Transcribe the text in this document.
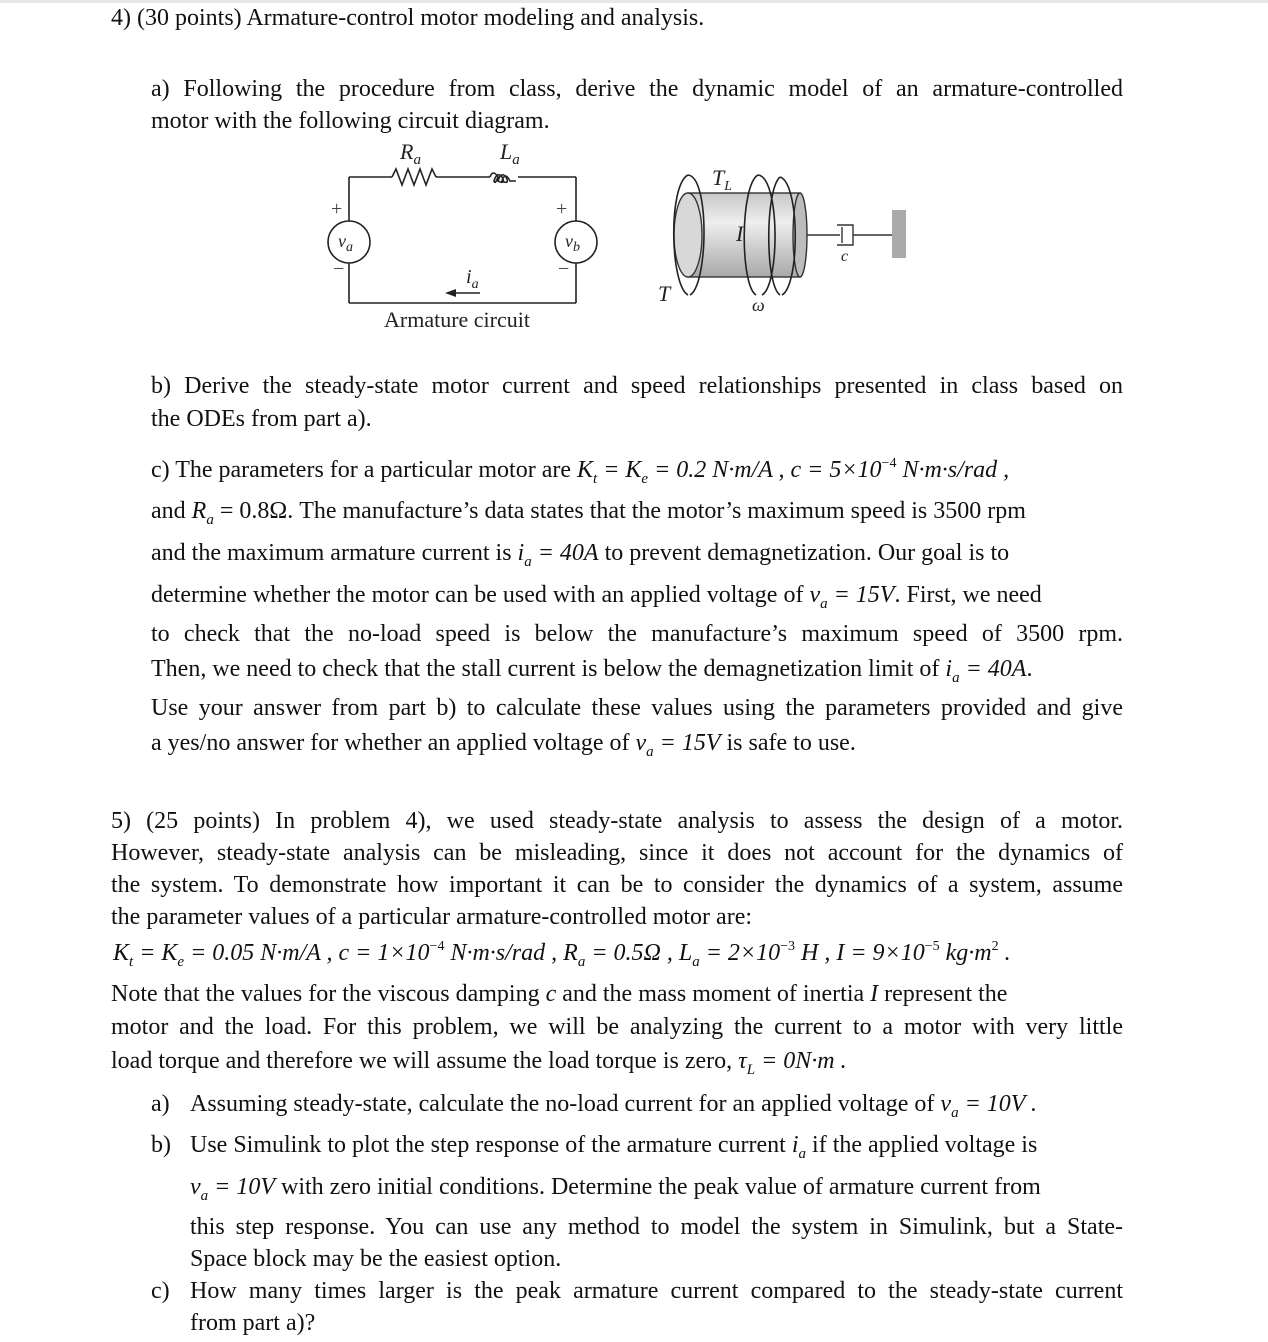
4) (30 points) Armature-control motor modeling and analysis.
a) Following the procedure from class, derive the dynamic model of an armature-controlled
motor with the following circuit diagram.
$R_a$	$L_a$
$v_a$	$v_b$
$i_a$
+
−
+
−
Armature circuit
$T_L$
I
T	ω
c
b) Derive the steady-state motor current and speed relationships presented in class based on
the ODEs from part a).
c) The parameters for a particular motor are $K_t = K_e = 0.2$ N·m/A , $c = 5\times 10^{-4}$ N·m·s/rad ,
and $R_a = 0.8\Omega$. The manufacture’s data states that the motor’s maximum speed is 3500 rpm
and the maximum armature current is $i_a = 40A$ to prevent demagnetization. Our goal is to
determine whether the motor can be used with an applied voltage of $v_a = 15V$. First, we need
to check that the no-load speed is below the manufacture’s maximum speed of 3500 rpm.
Then, we need to check that the stall current is below the demagnetization limit of $i_a = 40A$.
Use your answer from part b) to calculate these values using the parameters provided and give
a yes/no answer for whether an applied voltage of $v_a = 15V$ is safe to use.
5) (25 points) In problem 4), we used steady-state analysis to assess the design of a motor.
However, steady-state analysis can be misleading, since it does not account for the dynamics of
the system. To demonstrate how important it can be to consider the dynamics of a system, assume
the parameter values of a particular armature-controlled motor are:
$K_t = K_e = 0.05$ N·m/A , $c = 1\times 10^{-4}$ N·m·s/rad , $R_a = 0.5\Omega$ , $L_a = 2\times 10^{-3}$ H , $I = 9\times 10^{-5}$ $kg\cdot m^2$ .
Note that the values for the viscous damping c and the mass moment of inertia I represent the
motor and the load. For this problem, we will be analyzing the current to a motor with very little
load torque and therefore we will assume the load torque is zero, $\tau_L = 0N\cdot m$ .
a) Assuming steady-state, calculate the no-load current for an applied voltage of $v_a = 10V$ .
b) Use Simulink to plot the step response of the armature current $i_a$ if the applied voltage is
$v_a = 10V$ with zero initial conditions. Determine the peak value of armature current from
this step response. You can use any method to model the system in Simulink, but a State-
Space block may be the easiest option.
c) How many times larger is the peak armature current compared to the steady-state current
from part a)?
